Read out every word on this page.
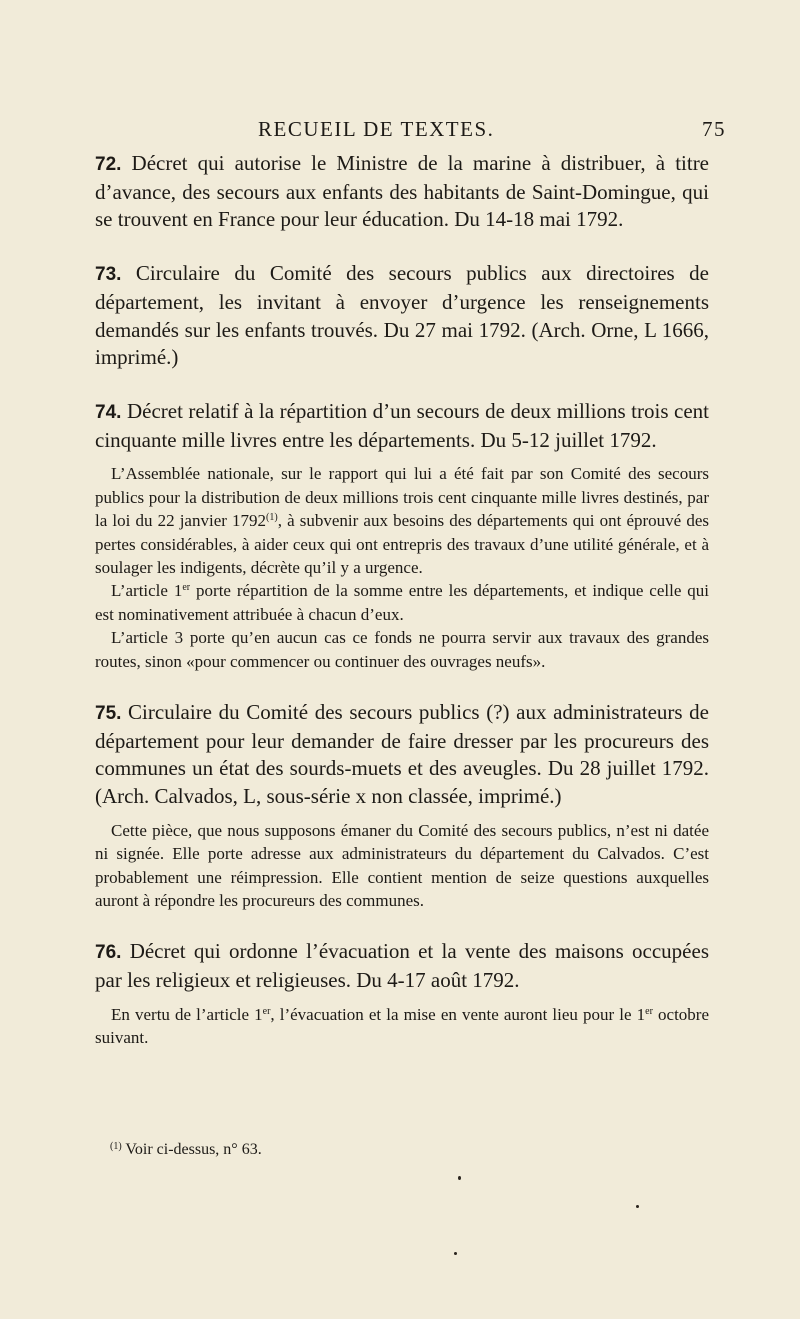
RECUEIL DE TEXTES.	75

72. Décret qui autorise le Ministre de la marine à distribuer, à titre d’avance, des secours aux enfants des habitants de Saint-Domingue, qui se trouvent en France pour leur éducation. Du 14-18 mai 1792.

73. Circulaire du Comité des secours publics aux directoires de département, les invitant à envoyer d’urgence les renseignements demandés sur les enfants trouvés. Du 27 mai 1792. (Arch. Orne, L 1666, imprimé.)

74. Décret relatif à la répartition d’un secours de deux millions trois cent cinquante mille livres entre les départements. Du 5-12 juillet 1792.

L’Assemblée nationale, sur le rapport qui lui a été fait par son Comité des secours publics pour la distribution de deux millions trois cent cinquante mille livres destinés, par la loi du 22 janvier 1792$^{(1)}$, à subvenir aux besoins des départements qui ont éprouvé des pertes considérables, à aider ceux qui ont entrepris des travaux d’une utilité générale, et à soulager les indigents, décrète qu’il y a urgence.

L’article 1er porte répartition de la somme entre les départements, et indique celle qui est nominativement attribuée à chacun d’eux.

L’article 3 porte qu’en aucun cas ce fonds ne pourra servir aux travaux des grandes routes, sinon «pour commencer ou continuer des ouvrages neufs».

75. Circulaire du Comité des secours publics (?) aux administrateurs de département pour leur demander de faire dresser par les procureurs des communes un état des sourds-muets et des aveugles. Du 28 juillet 1792. (Arch. Calvados, L, sous-série x non classée, imprimé.)

Cette pièce, que nous supposons émaner du Comité des secours publics, n’est ni datée ni signée. Elle porte adresse aux administrateurs du département du Calvados. C’est probablement une réimpression. Elle contient mention de seize questions auxquelles auront à répondre les procureurs des communes.

76. Décret qui ordonne l’évacuation et la vente des maisons occupées par les religieux et religieuses. Du 4-17 août 1792.

En vertu de l’article 1er, l’évacuation et la mise en vente auront lieu pour le 1er octobre suivant.

$^{(1)}$ Voir ci-dessus, n° 63.
